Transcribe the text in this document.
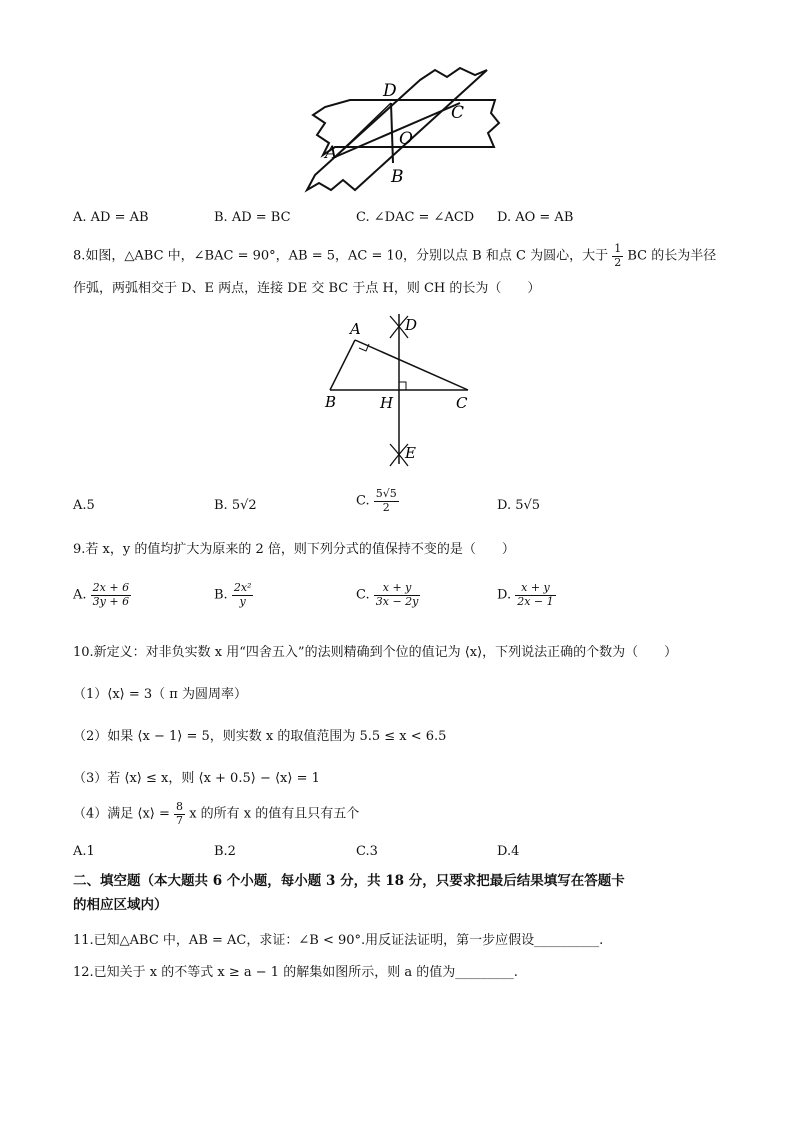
D
C
A
O
B
A. AD = AB	B. AD = BC	C. ∠DAC = ∠ACD D. AO = AB
8.如图，△ABC 中，∠BAC = 90°，AB = 5，AC = 10，分别以点 B 和点 C 为圆心，大于 $\frac{1}{2}$ BC 的长为半径
作弧，两弧相交于 D、E 两点，连接 DE 交 BC 于点 H，则 CH 的长为（　　）
A	D
B	H	C
E
A.5	B. 5√2	C. $\frac{5√5}{2}$	D. 5√5
9.若 x，y 的值均扩大为原来的 2 倍，则下列分式的值保持不变的是（　　）
A. $\frac{2x + 6}{3y + 6}$	B. $\frac{\text{2x²}}{y}$	C. $\frac{x + y}{3x - 2y}$	D. $\frac{x + y}{2x - 1}$
10.新定义：对非负实数 x 用“四舍五入”的法则精确到个位的值记为 ⟨x⟩，下列说法正确的个数为（　　）
（1）⟨x⟩ = 3（ π 为圆周率）
（2）如果 ⟨x − 1⟩ = 5，则实数 x 的取值范围为 5.5 ≤ x < 6.5
（3）若 ⟨x⟩ ≤ x，则 ⟨x + 0.5⟩ − ⟨x⟩ = 1
（4）满足 ⟨x⟩ = $\frac{8}{7}$ x 的所有 x 的值有且只有五个
A.1	B.2	C.3	D.4
二、填空题（本大题共 6 个小题，每小题 3 分，共 18 分，只要求把最后结果填写在答题卡
的相应区域内）
11.已知△ABC 中，AB = AC，求证：∠B < 90°.用反证法证明，第一步应假设__________.
12.已知关于 x 的不等式 x ≥ a − 1 的解集如图所示，则 a 的值为_________.
